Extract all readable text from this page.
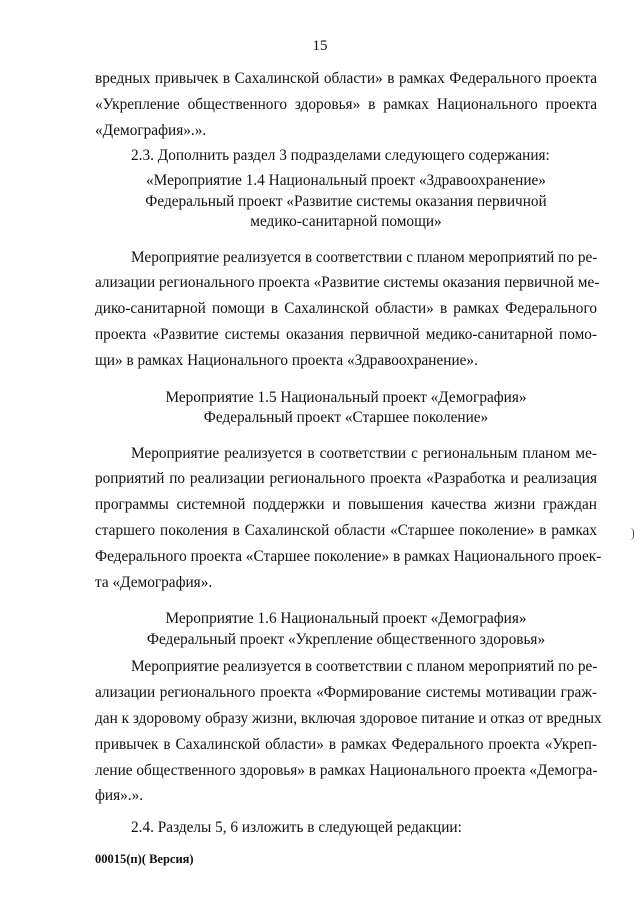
15
вредных привычек в Сахалинской области» в рамках Федерального проекта
«Укрепление общественного здоровья» в рамках Национального проекта
«Демография».».
2.3. Дополнить раздел 3 подразделами следующего содержания:
«Мероприятие 1.4 Национальный проект «Здравоохранение»
Федеральный проект «Развитие системы оказания первичной
медико-санитарной помощи»
Мероприятие реализуется в соответствии с планом мероприятий по ре-
ализации регионального проекта «Развитие системы оказания первичной ме-
дико-санитарной помощи в Сахалинской области» в рамках Федерального
проекта «Развитие системы оказания первичной медико-санитарной помо-
щи» в рамках Национального проекта «Здравоохранение».
Мероприятие 1.5 Национальный проект «Демография»
Федеральный проект «Старшее поколение»
Мероприятие реализуется в соответствии с региональным планом ме-
роприятий по реализации регионального проекта «Разработка и реализация
программы системной поддержки и повышения качества жизни граждан
старшего поколения в Сахалинской области «Старшее поколение» в рамках
Федерального проекта «Старшее поколение» в рамках Национального проек-
та «Демография».
Мероприятие 1.6 Национальный проект «Демография»
Федеральный проект «Укрепление общественного здоровья»
Мероприятие реализуется в соответствии с планом мероприятий по ре-
ализации регионального проекта «Формирование системы мотивации граж-
дан к здоровому образу жизни, включая здоровое питание и отказ от вредных
привычек в Сахалинской области» в рамках Федерального проекта «Укреп-
ление общественного здоровья» в рамках Национального проекта «Демогра-
фия».».
2.4. Разделы 5, 6 изложить в следующей редакции:
00015(п)( Версия)
